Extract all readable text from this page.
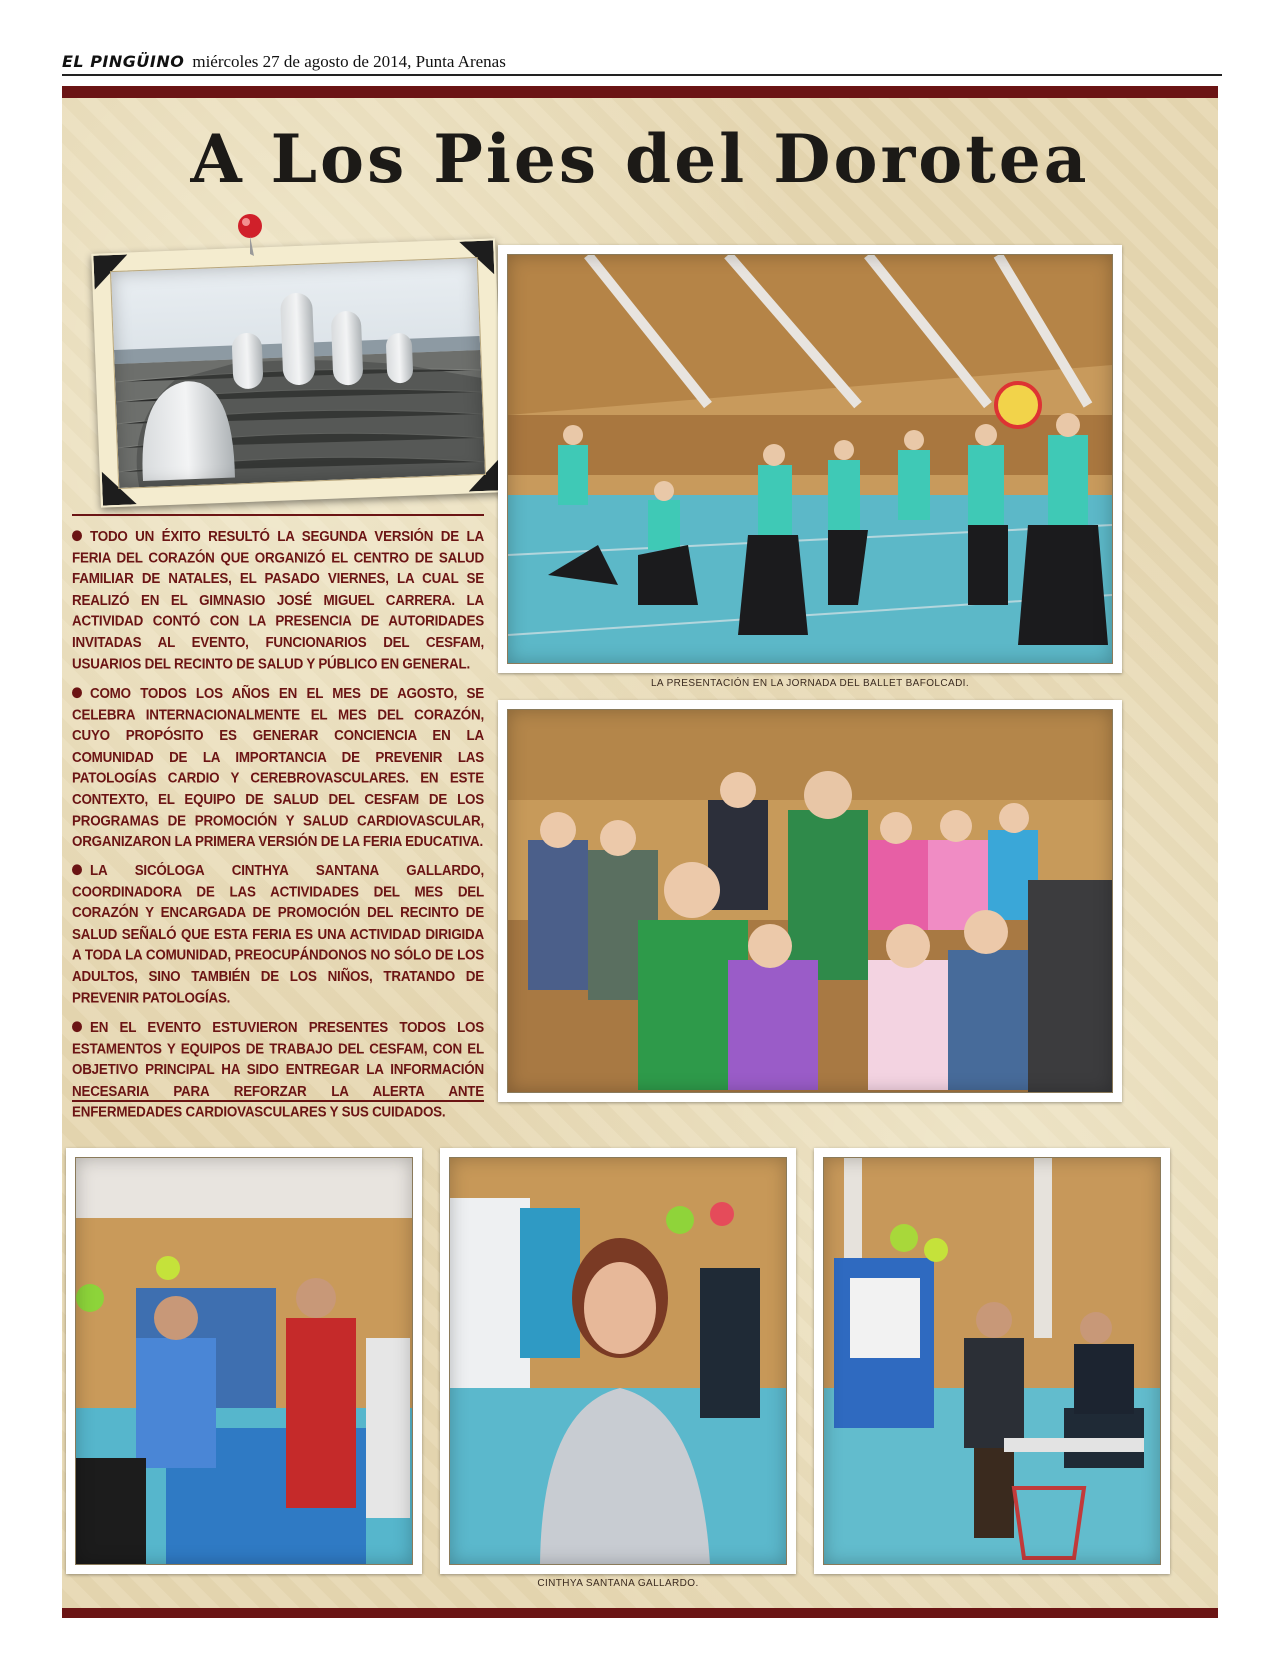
EL PINGÜINO miércoles 27 de agosto de 2014, Punta Arenas
A Los Pies del Dorotea
LA PRESENTACIÓN EN LA JORNADA DEL BALLET BAFOLCADI.
CINTHYA SANTANA GALLARDO.

TODO UN ÉXITO RESULTÓ LA SEGUNDA VERSIÓN DE LA FERIA DEL CORAZÓN QUE ORGANIZÓ EL CENTRO DE SALUD FAMILIAR DE NATALES, EL PASADO VIERNES, LA CUAL SE REALIZÓ EN EL GIMNASIO JOSÉ MIGUEL CARRERA. LA ACTIVIDAD CONTÓ CON LA PRESENCIA DE AUTORIDADES INVITADAS AL EVENTO, FUNCIONARIOS DEL CESFAM, USUARIOS DEL RECINTO DE SALUD Y PÚBLICO EN GENERAL.

COMO TODOS LOS AÑOS EN EL MES DE AGOSTO, SE CELEBRA INTERNACIONALMENTE EL MES DEL CORAZÓN, CUYO PROPÓSITO ES GENERAR CONCIENCIA EN LA COMUNIDAD DE LA IMPORTANCIA DE PREVENIR LAS PATOLOGÍAS CARDIO Y CEREBROVASCULARES. EN ESTE CONTEXTO, EL EQUIPO DE SALUD DEL CESFAM DE LOS PROGRAMAS DE PROMOCIÓN Y SALUD CARDIOVASCULAR, ORGANIZARON LA PRIMERA VERSIÓN DE LA FERIA EDUCATIVA.

LA SICÓLOGA CINTHYA SANTANA GALLARDO, COORDINADORA DE LAS ACTIVIDADES DEL MES DEL CORAZÓN Y ENCARGADA DE PROMOCIÓN DEL RECINTO DE SALUD SEÑALÓ QUE ESTA FERIA ES UNA ACTIVIDAD DIRIGIDA A TODA LA COMUNIDAD, PREOCUPÁNDONOS NO SÓLO DE LOS ADULTOS, SINO TAMBIÉN DE LOS NIÑOS, TRATANDO DE PREVENIR PATOLOGÍAS.

EN EL EVENTO ESTUVIERON PRESENTES TODOS LOS ESTAMENTOS Y EQUIPOS DE TRABAJO DEL CESFAM, CON EL OBJETIVO PRINCIPAL HA SIDO ENTREGAR LA INFORMACIÓN NECESARIA PARA REFORZAR LA ALERTA ANTE ENFERMEDADES CARDIOVASCULARES Y SUS CUIDADOS.
